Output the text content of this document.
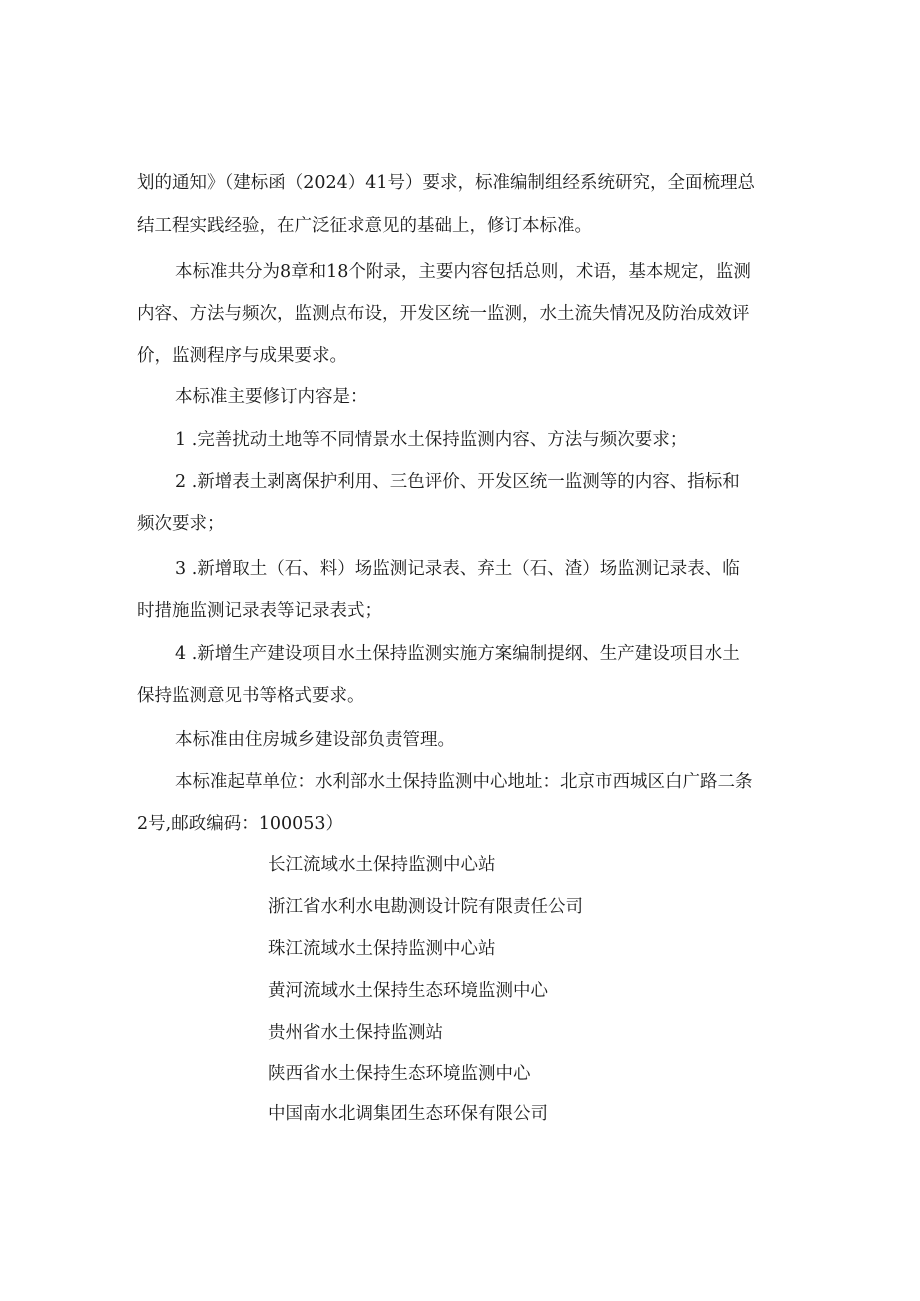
划的通知》（建标函（2024）41号）要求，标准编制组经系统研究，全面梳理总
结工程实践经验，在广泛征求意见的基础上，修订本标准。
本标准共分为8章和18个附录，主要内容包括总则，术语，基本规定，监测
内容、方法与频次，监测点布设，开发区统一监测，水土流失情况及防治成效评
价，监测程序与成果要求。
本标准主要修订内容是：
1 .完善扰动土地等不同情景水土保持监测内容、方法与频次要求；
2 .新增表土剥离保护利用、三色评价、开发区统一监测等的内容、指标和
频次要求；
3 .新增取土（石、料）场监测记录表、弃土（石、渣）场监测记录表、临
时措施监测记录表等记录表式；
4 .新增生产建设项目水土保持监测实施方案编制提纲、生产建设项目水土
保持监测意见书等格式要求。
本标准由住房城乡建设部负责管理。
本标准起草单位：水利部水土保持监测中心地址：北京市西城区白广路二条
2号,邮政编码：100053）
长江流域水土保持监测中心站
浙江省水利水电勘测设计院有限责任公司
珠江流域水土保持监测中心站
黄河流域水土保持生态环境监测中心
贵州省水土保持监测站
陕西省水土保持生态环境监测中心
中国南水北调集团生态环保有限公司
